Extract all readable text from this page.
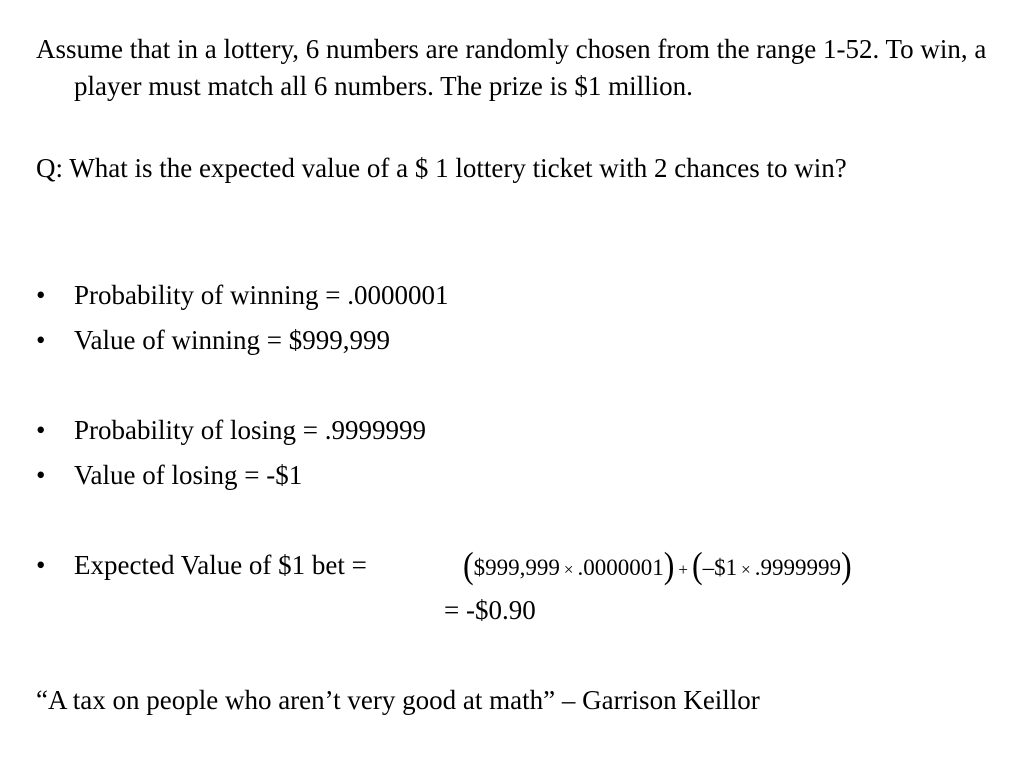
Assume that in a lottery, 6 numbers are randomly chosen from the range 1-52. To win, a player must match all 6 numbers. The prize is $1 million.
Q: What is the expected value of a $ 1 lottery ticket with 2 chances to win?
• Probability of winning = .0000001
• Value of winning = $999,999
• Probability of losing = .9999999
• Value of losing = -$1
• Expected Value of $1 bet =	($999,999 × .0000001) + (–$1 × .9999999)
= -$0.90
“A tax on people who aren’t very good at math” – Garrison Keillor
